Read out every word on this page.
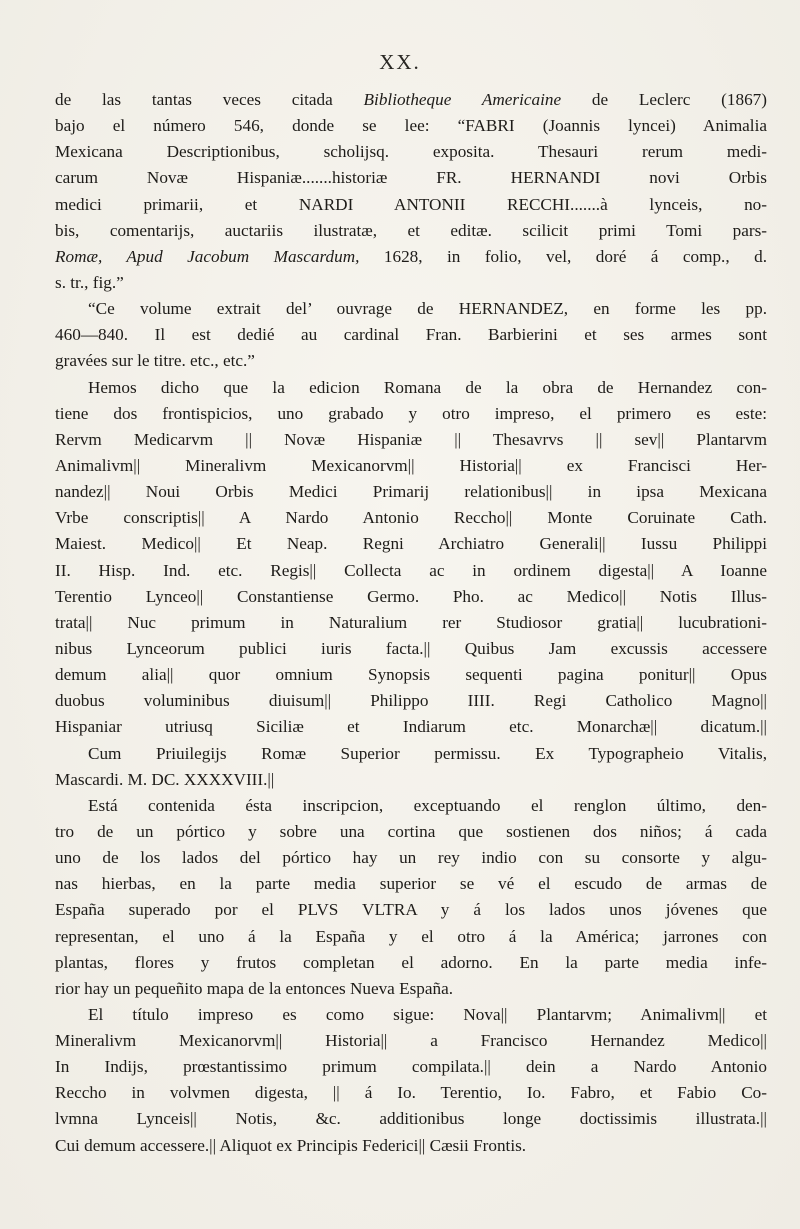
XX.
de las tantas veces citada Bibliotheque Americaine de Leclerc (1867)
bajo el número 546, donde se lee: “FABRI (Joannis lyncei) Animalia
Mexicana Descriptionibus, scholijsq. exposita. Thesauri rerum medi-
carum Novæ Hispaniæ.......historiæ FR. HERNANDI novi Orbis
medici primarii, et NARDI ANTONII RECCHI.......à lynceis, no-
bis, comentarijs, auctariis ilustratæ, et editæ. scilicit primi Tomi pars-
Romæ, Apud Jacobum Mascardum, 1628, in folio, vel, doré á comp., d.
s. tr., fig.”
“Ce volume extrait del’ ouvrage de HERNANDEZ, en forme les pp.
460—840. Il est dedié au cardinal Fran. Barbierini et ses armes sont
gravées sur le titre. etc., etc.”
Hemos dicho que la edicion Romana de la obra de Hernandez con-
tiene dos frontispicios, uno grabado y otro impreso, el primero es este:
Rervm Medicarvm || Novæ Hispaniæ || Thesavrvs || sev|| Plantarvm
Animalivm|| Mineralivm Mexicanorvm|| Historia|| ex Francisci Her-
nandez|| Noui Orbis Medici Primarij relationibus|| in ipsa Mexicana
Vrbe conscriptis|| A Nardo Antonio Reccho|| Monte Coruinate Cath.
Maiest. Medico|| Et Neap. Regni Archiatro Generali|| Iussu Philippi
II. Hisp. Ind. etc. Regis|| Collecta ac in ordinem digesta|| A Ioanne
Terentio Lynceo|| Constantiense Germo. Pho. ac Medico|| Notis Illus-
trata|| Nuc primum in Naturalium rer Studiosor gratia|| lucubrationi-
nibus Lynceorum publici iuris facta.|| Quibus Jam excussis accessere
demum alia|| quor omnium Synopsis sequenti pagina ponitur|| Opus
duobus voluminibus diuisum|| Philippo IIII. Regi Catholico Magno||
Hispaniar utriusq Siciliæ et Indiarum etc. Monarchæ|| dicatum.||
Cum Priuilegijs Romæ Superior permissu. Ex Typographeio Vitalis,
Mascardi. M. DC. XXXXVIII.||
Está contenida ésta inscripcion, exceptuando el renglon último, den-
tro de un pórtico y sobre una cortina que sostienen dos niños; á cada
uno de los lados del pórtico hay un rey indio con su consorte y algu-
nas hierbas, en la parte media superior se vé el escudo de armas de
España superado por el PLVS VLTRA y á los lados unos jóvenes que
representan, el uno á la España y el otro á la América; jarrones con
plantas, flores y frutos completan el adorno. En la parte media infe-
rior hay un pequeñito mapa de la entonces Nueva España.
El título impreso es como sigue: Nova|| Plantarvm; Animalivm|| et
Mineralivm Mexicanorvm|| Historia|| a Francisco Hernandez Medico||
In Indijs, prœstantissimo primum compilata.|| dein a Nardo Antonio
Reccho in volvmen digesta, || á Io. Terentio, Io. Fabro, et Fabio Co-
lvmna Lynceis|| Notis, &c. additionibus longe doctissimis illustrata.||
Cui demum accessere.|| Aliquot ex Principis Federici|| Cæsii Frontis.
